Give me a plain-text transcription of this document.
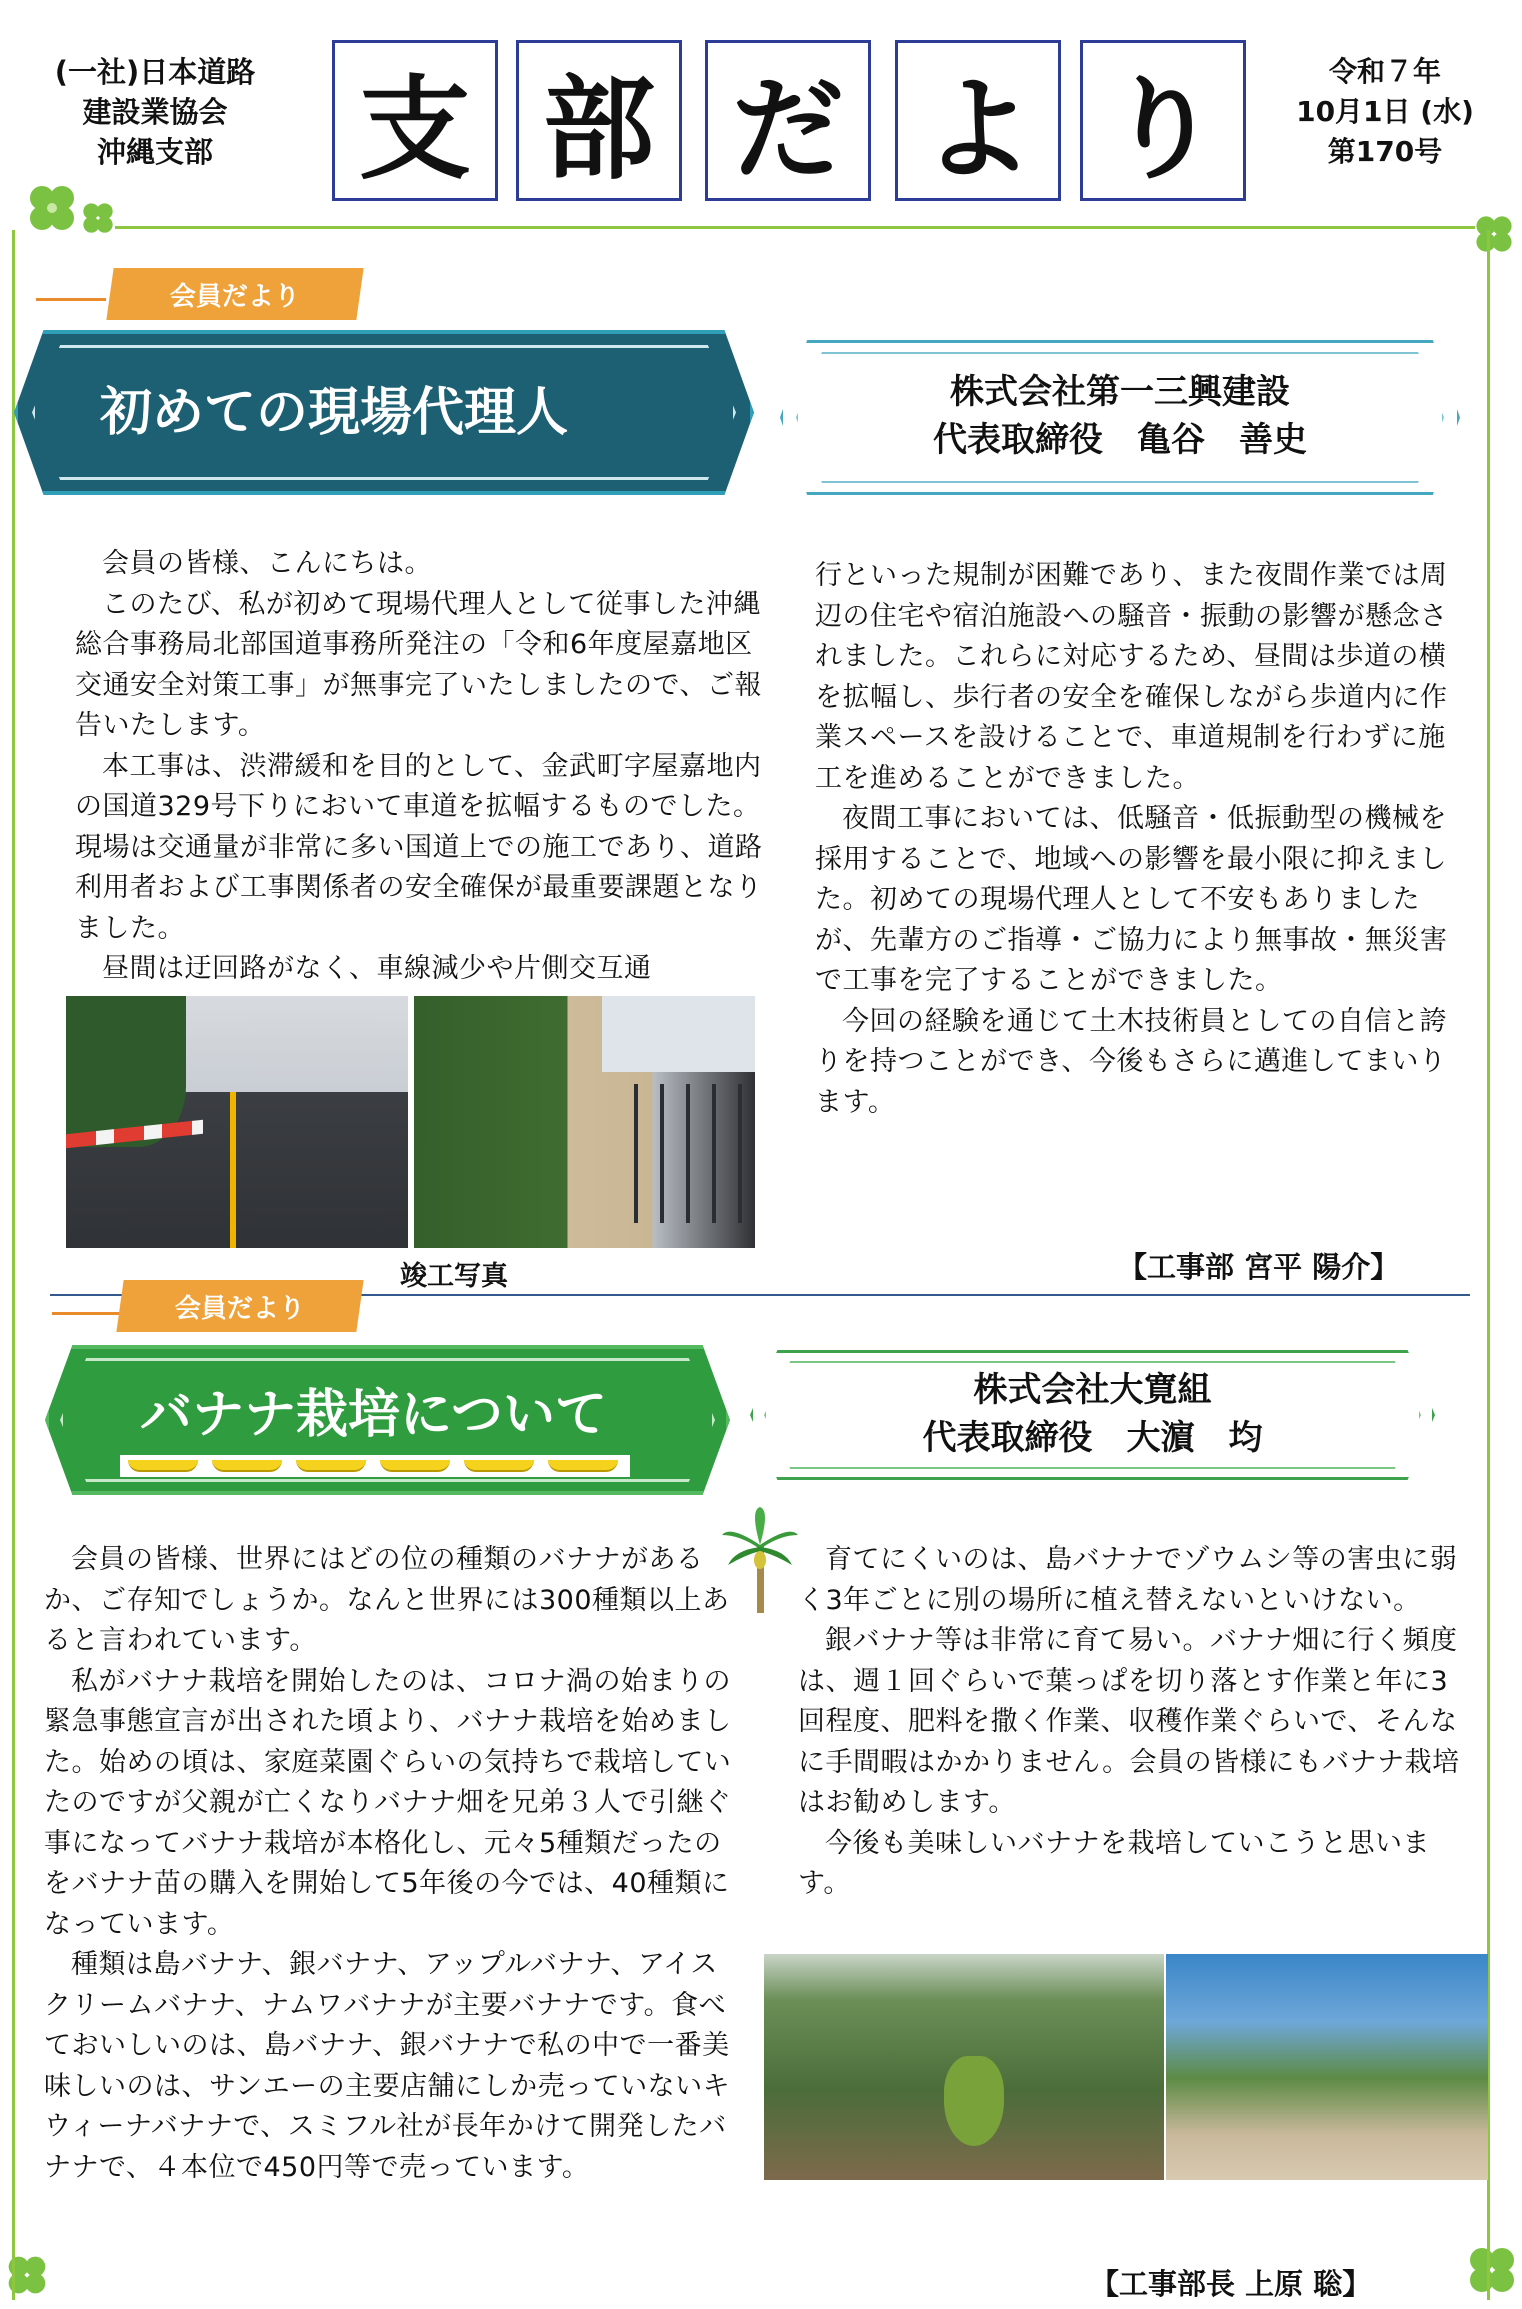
(一社)日本道路
建設業協会
沖縄支部	支 部 だ よ り	令和７年
10月1日 (水)
第170号
会員だより
初めての現場代理人	株式会社第一三興建設
代表取締役　亀谷　善史

会員の皆様、こんにちは。

このたび、私が初めて現場代理人として従事した沖縄総合事務局北部国道事務所発注の「令和6年度屋嘉地区交通安全対策工事」が無事完了いたしましたので、ご報告いたします。

本工事は、渋滞緩和を目的として、金武町字屋嘉地内の国道329号下りにおいて車道を拡幅するものでした。現場は交通量が非常に多い国道上での施工であり、道路利用者および工事関係者の安全確保が最重要課題となりました。

昼間は迂回路がなく、車線減少や片側交互通

竣工写真

行といった規制が困難であり、また夜間作業では周辺の住宅や宿泊施設への騒音・振動の影響が懸念されました。これらに対応するため、昼間は歩道の横を拡幅し、歩行者の安全を確保しながら歩道内に作業スペースを設けることで、車道規制を行わずに施工を進めることができました。

夜間工事においては、低騒音・低振動型の機械を採用することで、地域への影響を最小限に抑えました。初めての現場代理人として不安もありましたが、先輩方のご指導・ご協力により無事故・無災害で工事を完了することができました。

今回の経験を通じて土木技術員としての自信と誇りを持つことができ、今後もさらに邁進してまいります。

【工事部 宮平 陽介】
会員だより
バナナ栽培について	株式会社大寛組
代表取締役　大濵　均

会員の皆様、世界にはどの位の種類のバナナがあるか、ご存知でしょうか。なんと世界には300種類以上あると言われています。

私がバナナ栽培を開始したのは、コロナ渦の始まりの緊急事態宣言が出された頃より、バナナ栽培を始めました。始めの頃は、家庭菜園ぐらいの気持ちで栽培していたのですが父親が亡くなりバナナ畑を兄弟３人で引継ぐ事になってバナナ栽培が本格化し、元々5種類だったのをバナナ苗の購入を開始して5年後の今では、40種類になっています。

種類は島バナナ、銀バナナ、アップルバナナ、アイスクリームバナナ、ナムワバナナが主要バナナです。食べておいしいのは、島バナナ、銀バナナで私の中で一番美味しいのは、サンエーの主要店舗にしか売っていないキウィーナバナナで、スミフル社が長年かけて開発したバナナで、４本位で450円等で売っています。

育てにくいのは、島バナナでゾウムシ等の害虫に弱く3年ごとに別の場所に植え替えないといけない。

銀バナナ等は非常に育て易い。バナナ畑に行く頻度は、週１回ぐらいで葉っぱを切り落とす作業と年に3回程度、肥料を撒く作業、収穫作業ぐらいで、そんなに手間暇はかかりません。会員の皆様にもバナナ栽培はお勧めします。

今後も美味しいバナナを栽培していこうと思います。

【工事部長 上原 聡】
